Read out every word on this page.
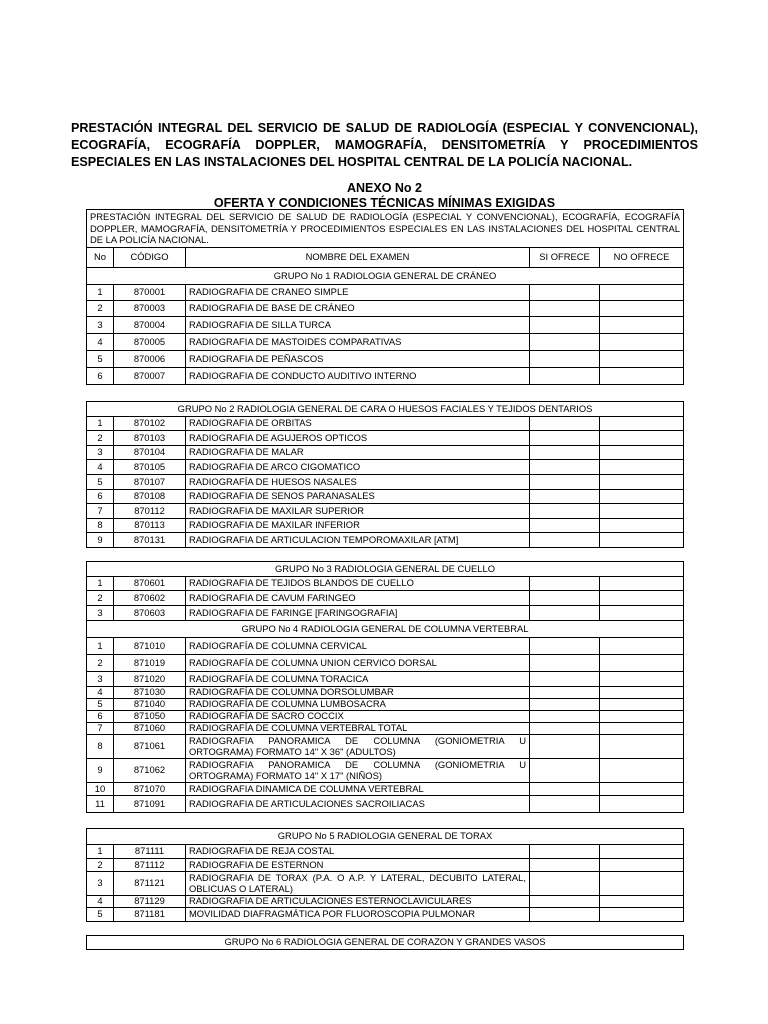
PRESTACIÓN INTEGRAL DEL SERVICIO DE SALUD DE RADIOLOGÍA (ESPECIAL Y CONVENCIONAL), ECOGRAFÍA, ECOGRAFÍA DOPPLER, MAMOGRAFÍA, DENSITOMETRÍA Y PROCEDIMIENTOS ESPECIALES EN LAS INSTALACIONES DEL HOSPITAL CENTRAL DE LA POLICÍA NACIONAL.
ANEXO No 2
OFERTA Y CONDICIONES TÉCNICAS MÍNIMAS EXIGIDAS
PRESTACIÓN INTEGRAL DEL SERVICIO DE SALUD DE RADIOLOGÍA (ESPECIAL Y CONVENCIONAL), ECOGRAFÍA, ECOGRAFÍA DOPPLER, MAMOGRAFÍA, DENSITOMETRÍA Y PROCEDIMIENTOS ESPECIALES EN LAS INSTALACIONES DEL HOSPITAL CENTRAL DE LA POLICÍA NACIONAL.				
No	CÓDIGO	NOMBRE DEL EXAMEN	SI OFRECE	NO OFRECE
GRUPO No 1 RADIOLOGIA GENERAL DE CRÁNEO				
1	870001	RADIOGRAFIA DE CRANEO SIMPLE		
2	870003	RADIOGRAFIA DE BASE DE CRÁNEO		
3	870004	RADIOGRAFIA DE SILLA TURCA		
4	870005	RADIOGRAFIA DE MASTOIDES COMPARATIVAS		
5	870006	RADIOGRAFIA DE PEÑASCOS		
6	870007	RADIOGRAFIA DE CONDUCTO AUDITIVO INTERNO		
GRUPO No 2 RADIOLOGIA GENERAL DE CARA O HUESOS FACIALES Y TEJIDOS DENTARIOS				
1	870102	RADIOGRAFIA DE ORBITAS		
2	870103	RADIOGRAFIA DE AGUJEROS OPTICOS		
3	870104	RADIOGRAFIA DE MALAR		
4	870105	RADIOGRAFIA DE ARCO CIGOMATICO		
5	870107	RADIOGRAFÍA DE HUESOS NASALES		
6	870108	RADIOGRAFIA DE SENOS PARANASALES		
7	870112	RADIOGRAFIA DE MAXILAR SUPERIOR		
8	870113	RADIOGRAFIA DE MAXILAR INFERIOR		
9	870131	RADIOGRAFIA DE ARTICULACION TEMPOROMAXILAR [ATM]		
GRUPO No 3 RADIOLOGIA GENERAL DE CUELLO				
1	870601	RADIOGRAFIA DE TEJIDOS BLANDOS DE CUELLO		
2	870602	RADIOGRAFIA DE CAVUM FARINGEO		
3	870603	RADIOGRAFIA DE FARINGE [FARINGOGRAFIA]		
GRUPO No 4 RADIOLOGIA GENERAL DE COLUMNA VERTEBRAL				
1	871010	RADIOGRAFÍA DE COLUMNA CERVICAL		
2	871019	RADIOGRAFÍA DE COLUMNA UNION CERVICO DORSAL		
3	871020	RADIOGRAFÍA DE COLUMNA TORACICA		
4	871030	RADIOGRAFÍA DE COLUMNA DORSOLUMBAR		
5	871040	RADIOGRAFÍA DE COLUMNA LUMBOSACRA		
6	871050	RADIOGRAFÍA DE SACRO COCCIX		
7	871060	RADIOGRAFÍA DE COLUMNA VERTEBRAL TOTAL		
8	871061	RADIOGRAFIA PANORAMICA DE COLUMNA (GONIOMETRIA U ORTOGRAMA) FORMATO 14" X 36" (ADULTOS)		
9	871062	RADIOGRAFIA PANORAMICA DE COLUMNA (GONIOMETRIA U ORTOGRAMA) FORMATO 14" X 17" (NIÑOS)		
10	871070	RADIOGRAFIA DINAMICA DE COLUMNA VERTEBRAL		
11	871091	RADIOGRAFIA DE ARTICULACIONES SACROILIACAS		
GRUPO No 5 RADIOLOGIA GENERAL DE TORAX				
1	871111	RADIOGRAFIA DE REJA COSTAL		
2	871112	RADIOGRAFIA DE ESTERNON		
3	871121	RADIOGRAFIA DE TORAX (P.A. O A.P. Y LATERAL, DECUBITO LATERAL, OBLICUAS O LATERAL)		
4	871129	RADIOGRAFIA DE ARTICULACIONES ESTERNOCLAVICULARES		
5	871181	MOVILIDAD DIAFRAGMÁTICA POR FLUOROSCOPIA PULMONAR		
GRUPO No 6 RADIOLOGIA GENERAL DE CORAZON Y GRANDES VASOS
